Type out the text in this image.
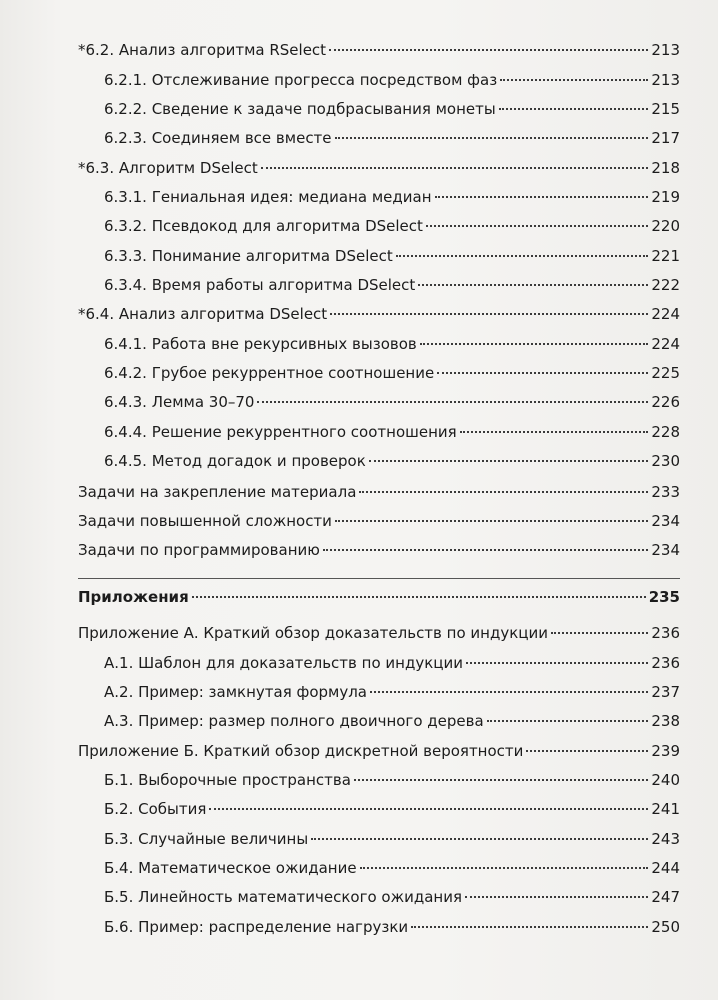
*6.2. Анализ алгоритма RSelect	213
6.2.1. Отслеживание прогресса посредством фаз	213
6.2.2. Сведение к задаче подбрасывания монеты	215
6.2.3. Соединяем все вместе	217
*6.3. Алгоритм DSelect	218
6.3.1. Гениальная идея: медиана медиан	219
6.3.2. Псевдокод для алгоритма DSelect	220
6.3.3. Понимание алгоритма DSelect	221
6.3.4. Время работы алгоритма DSelect	222
*6.4. Анализ алгоритма DSelect	224
6.4.1. Работа вне рекурсивных вызовов	224
6.4.2. Грубое рекуррентное соотношение	225
6.4.3. Лемма 30–70	226
6.4.4. Решение рекуррентного соотношения	228
6.4.5. Метод догадок и проверок	230
Задачи на закрепление материала	233
Задачи повышенной сложности	234
Задачи по программированию	234
Приложения	235
Приложение А. Краткий обзор доказательств по индукции	236
А.1. Шаблон для доказательств по индукции	236
А.2. Пример: замкнутая формула	237
А.3. Пример: размер полного двоичного дерева	238
Приложение Б. Краткий обзор дискретной вероятности	239
Б.1. Выборочные пространства	240
Б.2. События	241
Б.3. Случайные величины	243
Б.4. Математическое ожидание	244
Б.5. Линейность математического ожидания	247
Б.6. Пример: распределение нагрузки	250
